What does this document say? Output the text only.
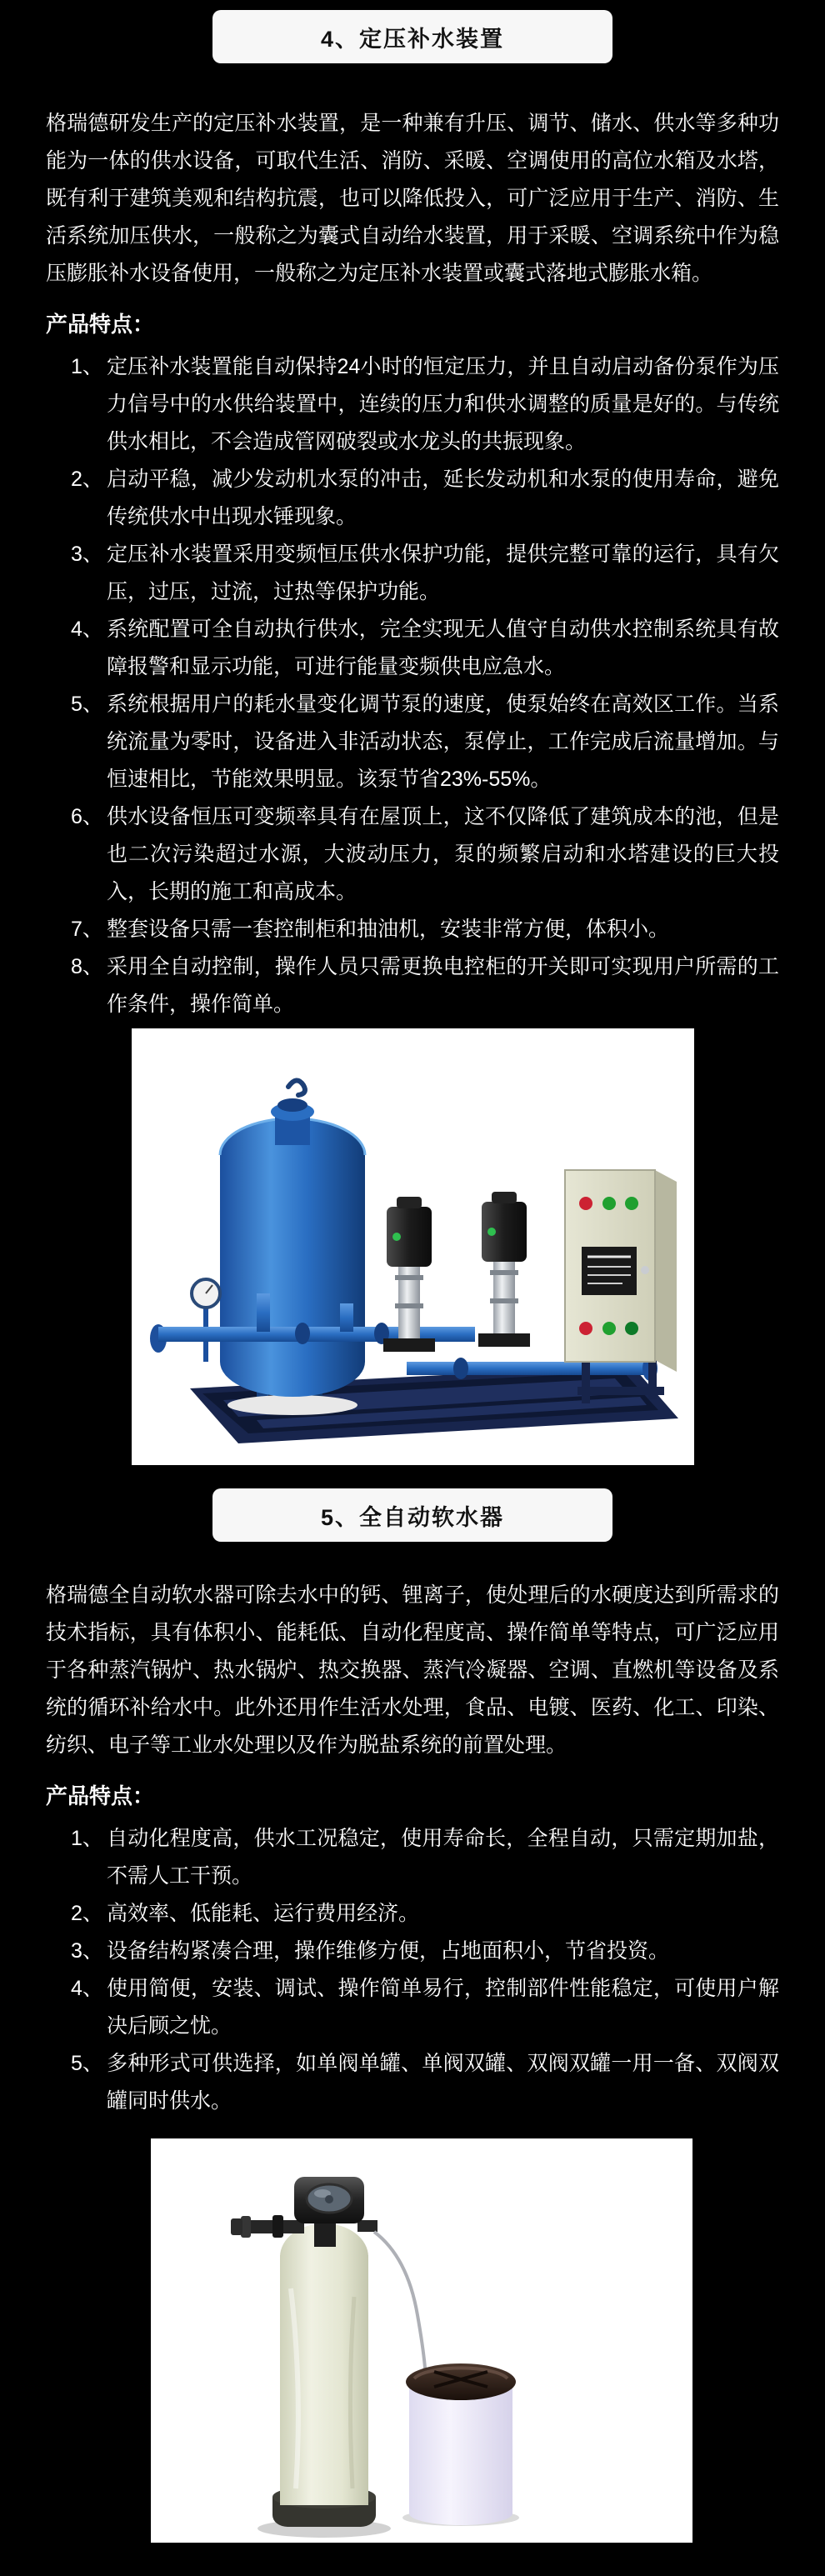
4、定压补水装置

格瑞德研发生产的定压补水装置，是一种兼有升压、调节、储水、供水等多种功能为一体的供水设备，可取代生活、消防、采暖、空调使用的高位水箱及水塔，既有利于建筑美观和结构抗震，也可以降低投入，可广泛应用于生产、消防、生活系统加压供水，一般称之为囊式自动给水装置，用于采暖、空调系统中作为稳压膨胀补水设备使用，一般称之为定压补水装置或囊式落地式膨胀水箱。

产品特点：
1、 定压补水装置能自动保持24小时的恒定压力，并且自动启动备份泵作为压力信号中的水供给装置中，连续的压力和供水调整的质量是好的。与传统供水相比，不会造成管网破裂或水龙头的共振现象。
2、 启动平稳，减少发动机水泵的冲击，延长发动机和水泵的使用寿命，避免传统供水中出现水锤现象。
3、 定压补水装置采用变频恒压供水保护功能，提供完整可靠的运行，具有欠压，过压，过流，过热等保护功能。
4、 系统配置可全自动执行供水，完全实现无人值守自动供水控制系统具有故障报警和显示功能，可进行能量变频供电应急水。
5、 系统根据用户的耗水量变化调节泵的速度，使泵始终在高效区工作。当系统流量为零时，设备进入非活动状态，泵停止，工作完成后流量增加。与恒速相比，节能效果明显。该泵节省23%-55%。
6、 供水设备恒压可变频率具有在屋顶上，这不仅降低了建筑成本的池，但是也二次污染超过水源，大波动压力，泵的频繁启动和水塔建设的巨大投入，长期的施工和高成本。
7、 整套设备只需一套控制柜和抽油机，安装非常方便，体积小。
8、 采用全自动控制，操作人员只需更换电控柜的开关即可实现用户所需的工作条件，操作简单。
5、全自动软水器

格瑞德全自动软水器可除去水中的钙、锂离子，使处理后的水硬度达到所需求的技术指标，具有体积小、能耗低、自动化程度高、操作简单等特点，可广泛应用于各种蒸汽锅炉、热水锅炉、热交换器、蒸汽冷凝器、空调、直燃机等设备及系统的循环补给水中。此外还用作生活水处理，食品、电镀、医药、化工、印染、纺织、电子等工业水处理以及作为脱盐系统的前置处理。

产品特点：
1、 自动化程度高，供水工况稳定，使用寿命长，全程自动，只需定期加盐，不需人工干预。
2、 高效率、低能耗、运行费用经济。
3、 设备结构紧凑合理，操作维修方便，占地面积小，节省投资。
4、 使用简便，安装、调试、操作简单易行，控制部件性能稳定，可使用户解决后顾之忧。
5、 多种形式可供选择，如单阀单罐、单阀双罐、双阀双罐一用一备、双阀双罐同时供水。
